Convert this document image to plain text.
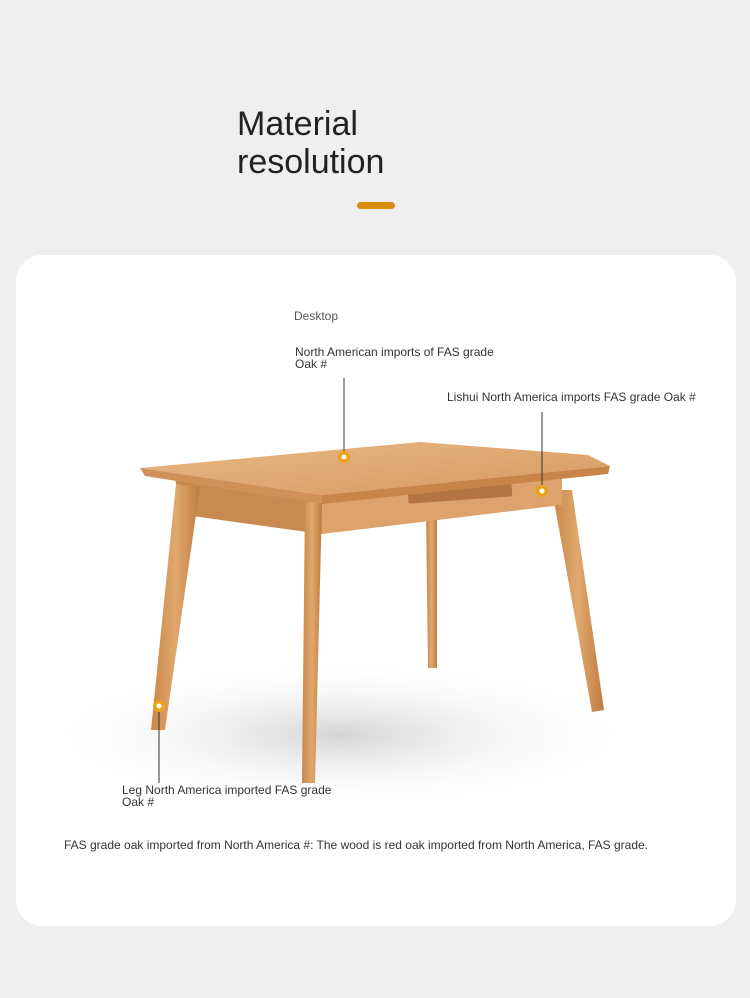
Material
resolution
Desktop
North American imports of FAS grade
Oak #
Lishui North America imports FAS grade Oak #
Leg North America imported FAS grade
Oak #
FAS grade oak imported from North America #: The wood is red oak imported from North America, FAS grade.
